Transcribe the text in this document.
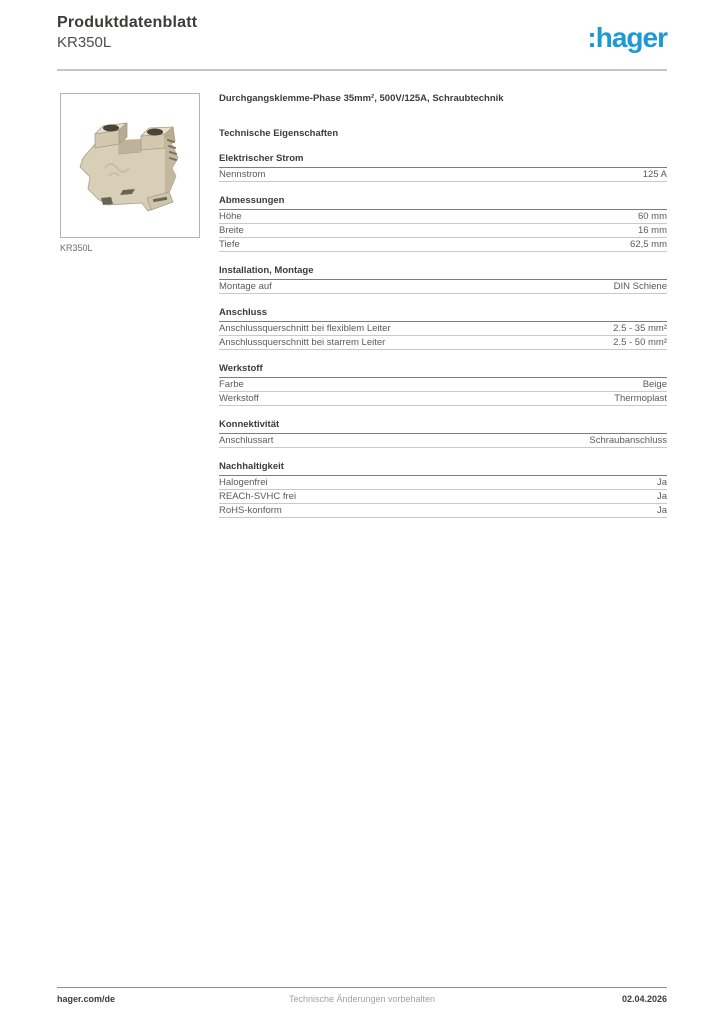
Produktdatenblatt
KR350L	:hager
KR350L
Durchgangsklemme-Phase 35mm², 500V/125A, Schraubtechnik
Technische Eigenschaften
Elektrischer Strom
Nennstrom	125 A
Abmessungen
Höhe	60 mm
Breite	16 mm
Tiefe	62,5 mm
Installation, Montage
Montage auf	DIN Schiene
Anschluss
Anschlussquerschnitt bei flexiblem Leiter	2.5 - 35 mm²
Anschlussquerschnitt bei starrem Leiter	2.5 - 50 mm²
Werkstoff
Farbe	Beige
Werkstoff	Thermoplast
Konnektivität
Anschlussart	Schraubanschluss
Nachhaltigkeit
Halogenfrei	Ja
REACh-SVHC frei	Ja
RoHS-konform	Ja
hager.com/de	Technische Änderungen vorbehalten	02.04.2026
